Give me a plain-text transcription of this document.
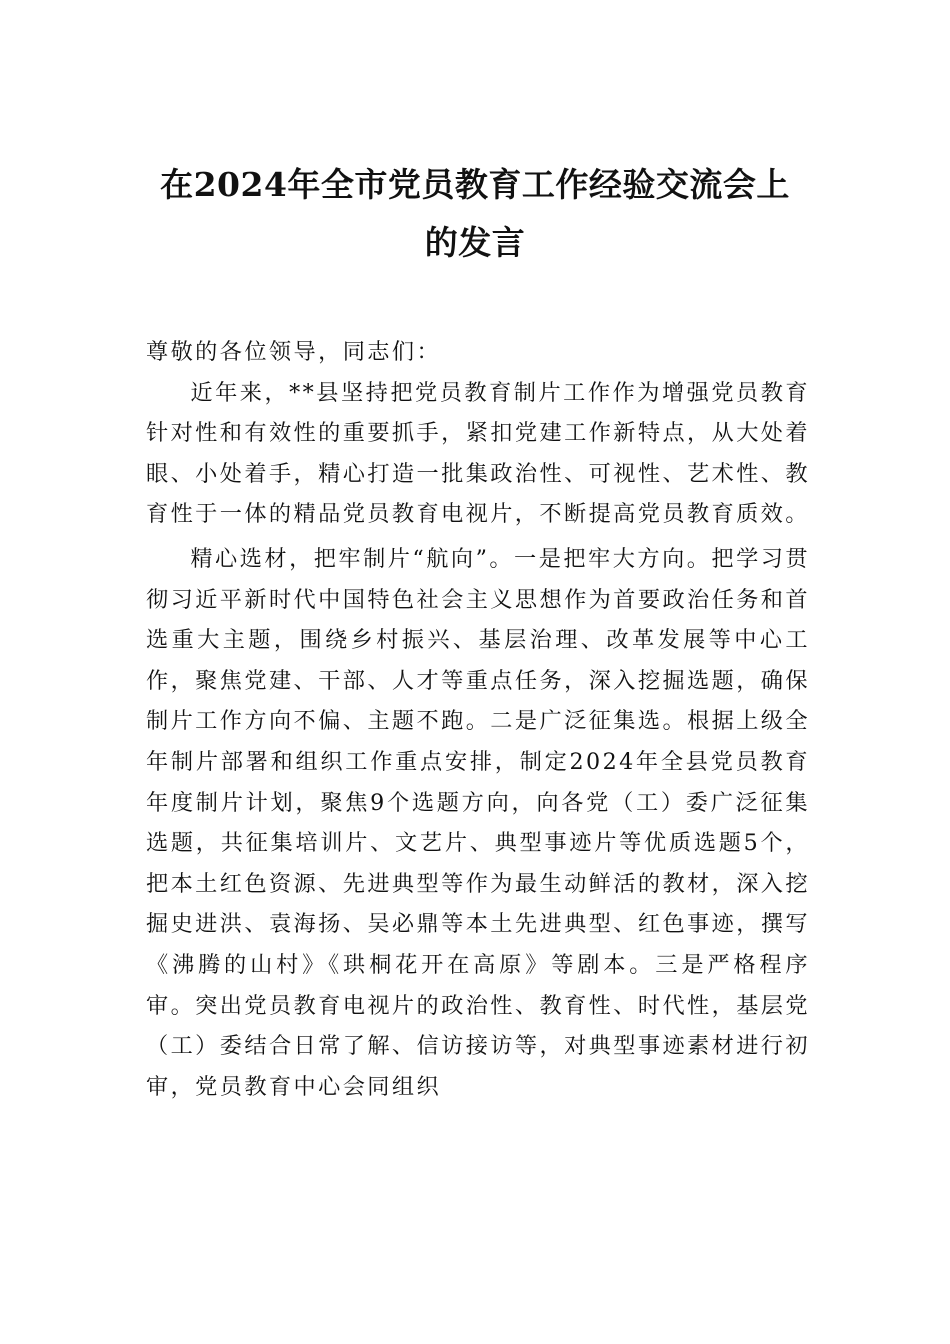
在2024年全市党员教育工作经验交流会上
的发言

尊敬的各位领导，同志们：

近年来，**县坚持把党员教育制片工作作为增强党员教育针对性和有效性的重要抓手，紧扣党建工作新特点，从大处着眼、小处着手，精心打造一批集政治性、可视性、艺术性、教育性于一体的精品党员教育电视片，不断提高党员教育质效。

精心选材，把牢制片“航向”。一是把牢大方向。把学习贯彻习近平新时代中国特色社会主义思想作为首要政治任务和首选重大主题，围绕乡村振兴、基层治理、改革发展等中心工作，聚焦党建、干部、人才等重点任务，深入挖掘选题，确保制片工作方向不偏、主题不跑。二是广泛征集选。根据上级全年制片部署和组织工作重点安排，制定2024年全县党员教育年度制片计划，聚焦9个选题方向，向各党（工）委广泛征集选题，共征集培训片、文艺片、典型事迹片等优质选题5个，把本土红色资源、先进典型等作为最生动鲜活的教材，深入挖掘史进洪、袁海扬、吴必鼎等本土先进典型、红色事迹，撰写《沸腾的山村》《珙桐花开在高原》等剧本。三是严格程序审。突出党员教育电视片的政治性、教育性、时代性，基层党（工）委结合日常了解、信访接访等，对典型事迹素材进行初审，党员教育中心会同组织
